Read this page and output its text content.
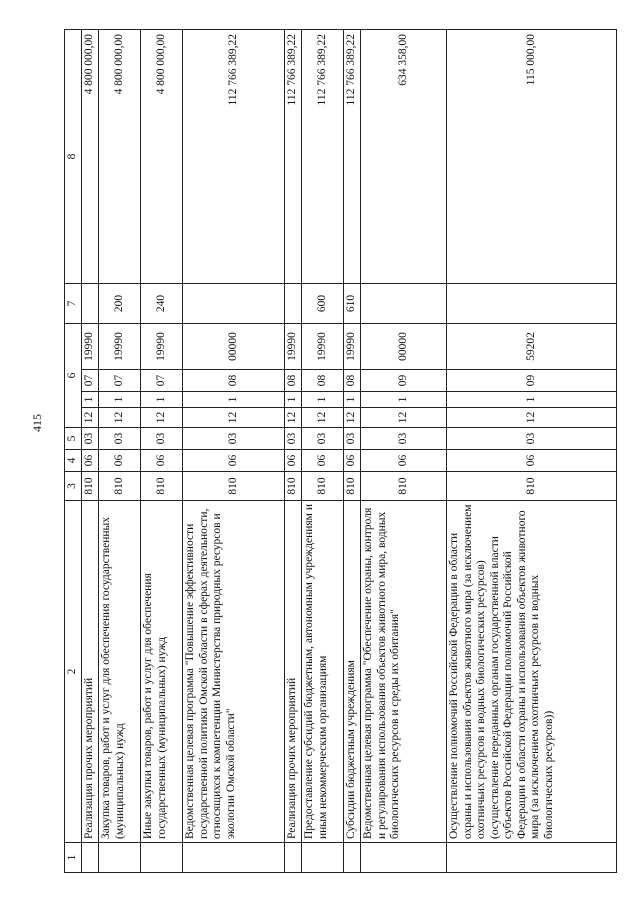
415
1	2	3	4	5	6				7	8
	Реализация прочих мероприятий	810	06	03	12	1	07	19990		4 800 000,00
	Закупка товаров, работ и услуг для обеспечения государственных (муниципальных) нужд	810	06	03	12	1	07	19990	200	4 800 000,00
	Иные закупки товаров, работ и услуг для обеспечения государственных (муниципальных) нужд	810	06	03	12	1	07	19990	240	4 800 000,00
	Ведомственная целевая программа "Повышение эффективности государственной политики Омской области в сферах деятельности, относящихся к компетенции Министерства природных ресурсов и экологии Омской области"	810	06	03	12	1	08	00000		112 766 389,22
	Реализация прочих мероприятий	810	06	03	12	1	08	19990		112 766 389,22
	Предоставление субсидий бюджетным, автономным учреждениям и иным некоммерческим организациям	810	06	03	12	1	08	19990	600	112 766 389,22
	Субсидии бюджетным учреждениям	810	06	03	12	1	08	19990	610	112 766 389,22
	Ведомственная целевая программа "Обеспечение охраны, контроля и регулирования использования объектов животного мира, водных биологических ресурсов и среды их обитания"	810	06	03	12	1	09	00000		634 358,00
	Осуществление полномочий Российской Федерации в области охраны и использования объектов животного мира (за исключением охотничьих ресурсов и водных биологических ресурсов) (осуществление переданных органам государственной власти субъектов Российской Федерации полномочий Российской Федерации в области охраны и использования объектов животного мира (за исключением охотничьих ресурсов и водных биологических ресурсов))	810	06	03	12	1	09	59202		115 000,00
